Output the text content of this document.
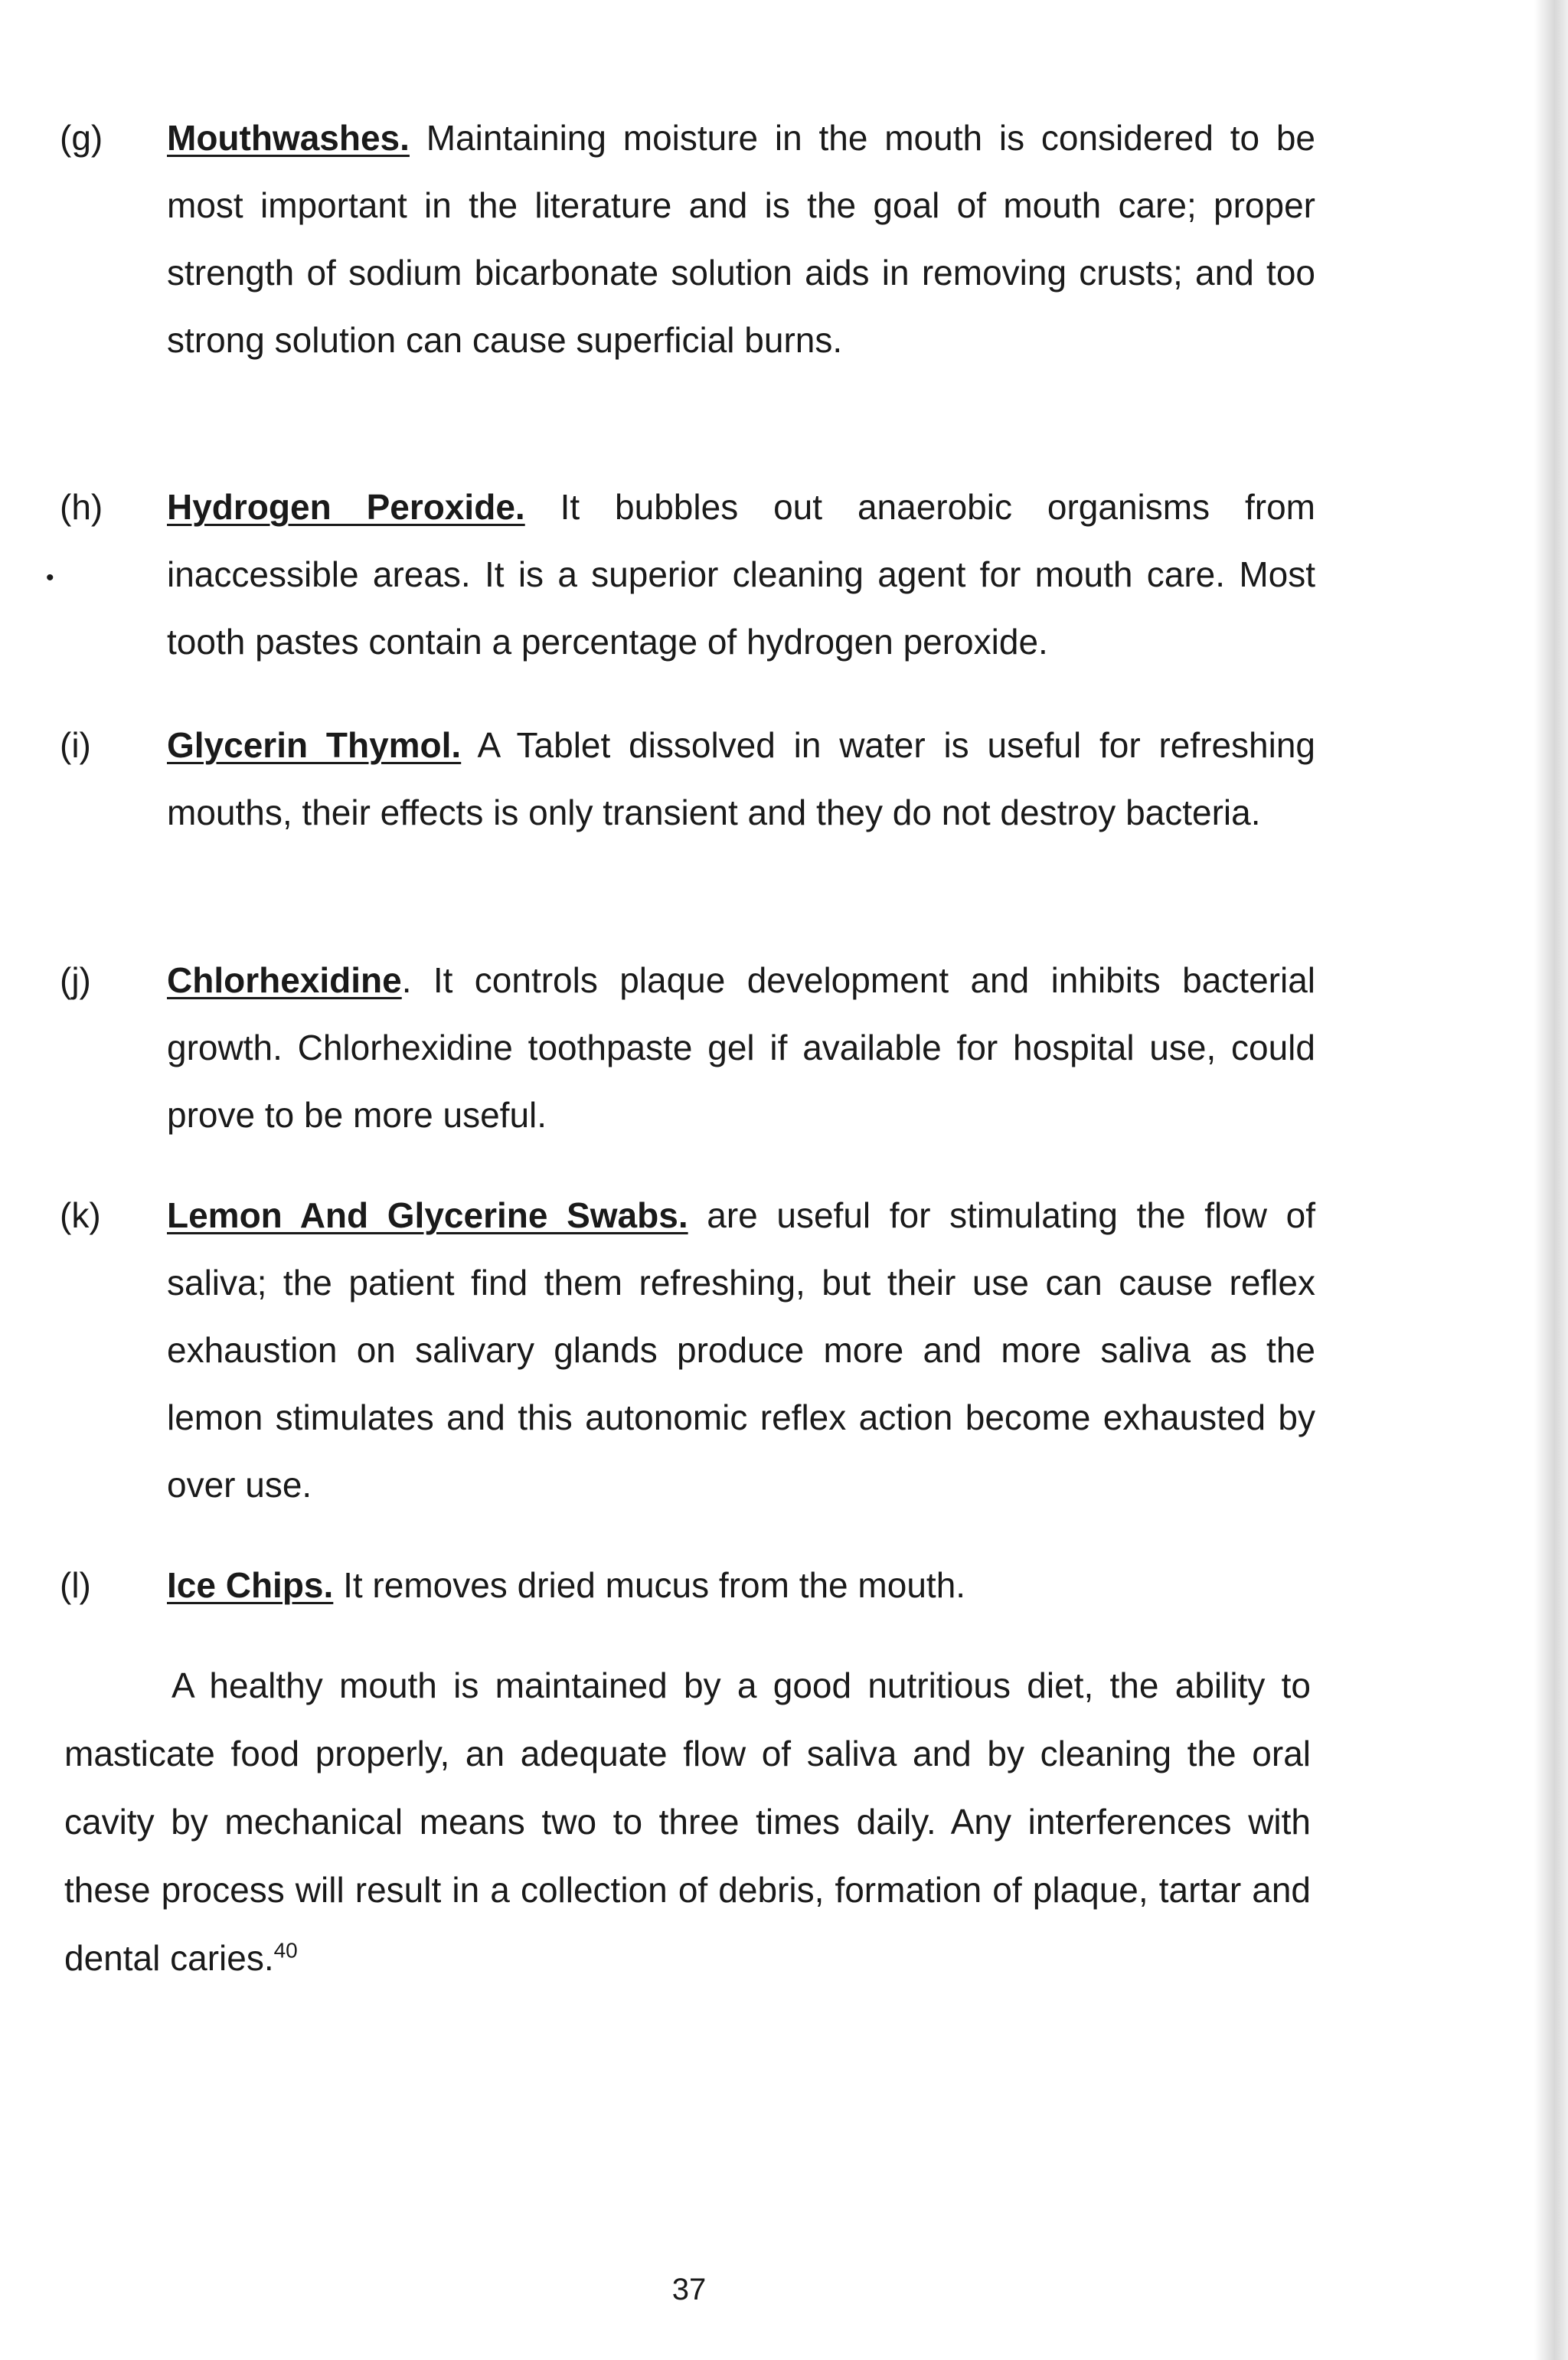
(g) Mouthwashes. Maintaining moisture in the mouth is considered to be most important in the literature and is the goal of mouth care; proper strength of sodium bicarbonate solution aids in removing crusts; and too strong solution can cause superficial burns.
(h) Hydrogen Peroxide. It bubbles out anaerobic organisms from inaccessible areas. It is a superior cleaning agent for mouth care. Most tooth pastes contain a percentage of hydrogen peroxide.
•
(i) Glycerin Thymol. A Tablet dissolved in water is useful for refreshing mouths, their effects is only transient and they do not destroy bacteria.
(j) Chlorhexidine. It controls plaque development and inhibits bacterial growth. Chlorhexidine toothpaste gel if available for hospital use, could prove to be more useful.
(k) Lemon And Glycerine Swabs. are useful for stimulating the flow of saliva; the patient find them refreshing, but their use can cause reflex exhaustion on salivary glands produce more and more saliva as the lemon stimulates and this autonomic reflex action become exhausted by over use.
(l) Ice Chips. It removes dried mucus from the mouth.
A healthy mouth is maintained by a good nutritious diet, the ability to masticate food properly, an adequate flow of saliva and by cleaning the oral cavity by mechanical means two to three times daily. Any interferences with these process will result in a collection of debris, formation of plaque, tartar and dental caries.$^{40}$
37
